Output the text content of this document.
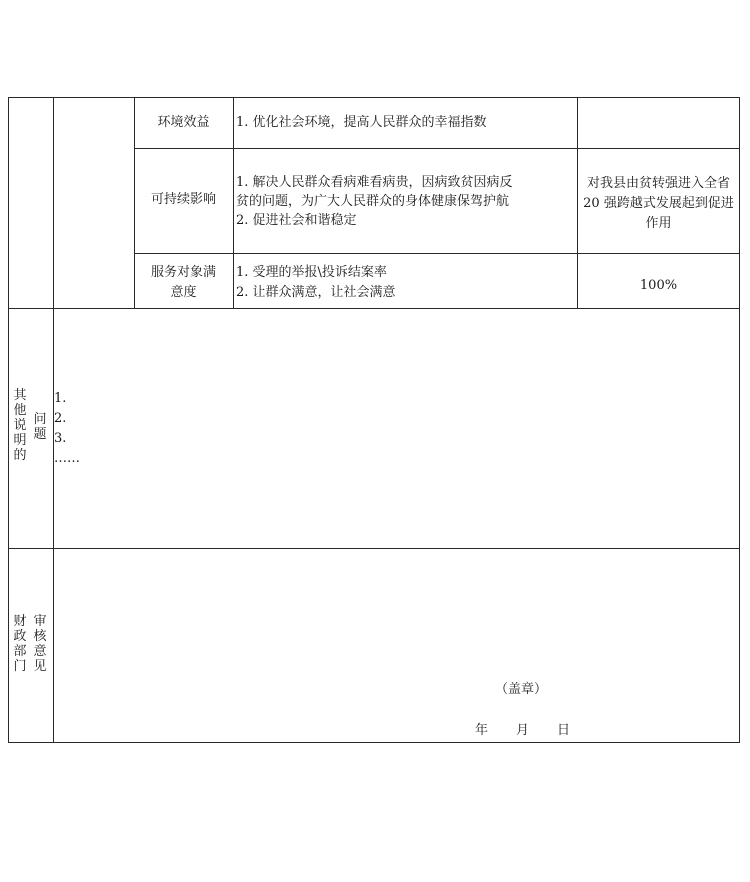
环境效益	1. 优化社会环境，提高人民群众的幸福指数
可持续影响
1. 解决人民群众看病难看病贵，因病致贫因病反
贫的问题，为广大人民群众的身体健康保驾护航
2. 促进社会和谐稳定
对我县由贫转强进入全省 20 强跨越式发展起到促进作用
服务对象满
意度
1. 受理的举报\投诉结案率
2. 让群众满意，让社会满意	100%
其他说明的
问题
1.
2.
3.
……
财政部门
审核意见
（盖章）
年 月 日
